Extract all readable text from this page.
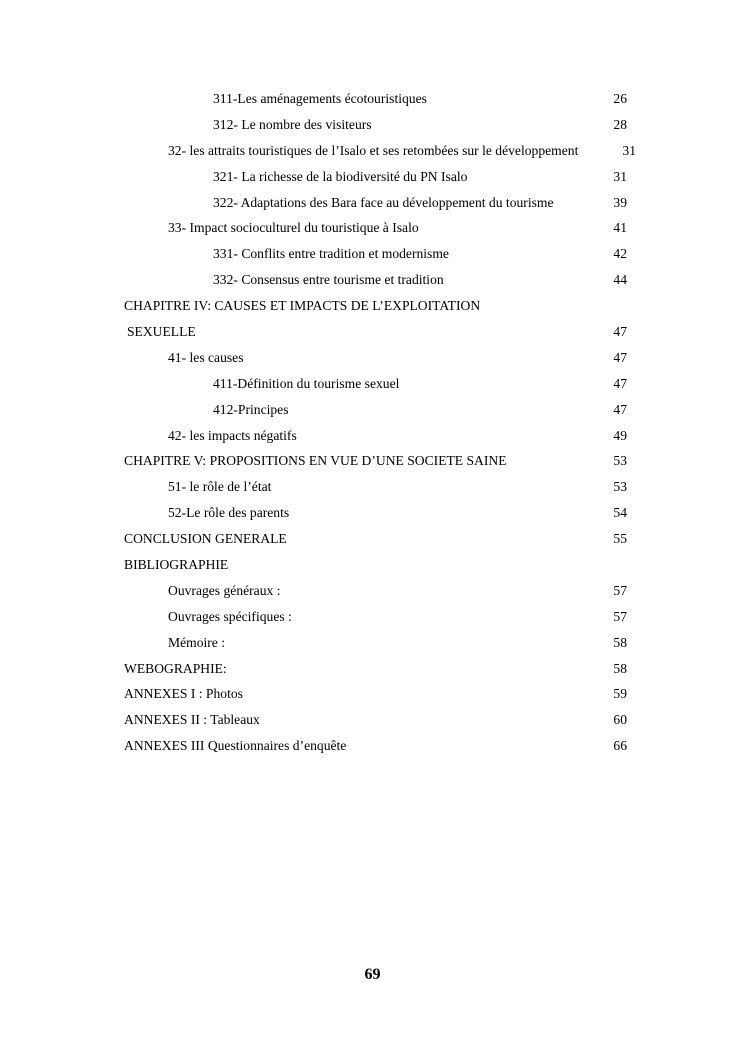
311-Les aménagements écotouristiques	26
312- Le nombre des visiteurs	28
32- les attraits touristiques de l’Isalo et ses retombées sur le développement	31
321- La richesse de la biodiversité du PN Isalo	31
322- Adaptations des Bara face au développement du tourisme	39
33- Impact socioculturel du touristique à Isalo	41
331- Conflits entre tradition et modernisme	42
332- Consensus entre tourisme et tradition	44
CHAPITRE IV: CAUSES ET IMPACTS DE L’EXPLOITATION
SEXUELLE	47
41- les causes	47
411-Définition du tourisme sexuel	47
412-Principes	47
42- les impacts négatifs	49
CHAPITRE V: PROPOSITIONS EN VUE D’UNE SOCIETE SAINE	53
51- le rôle de l’état	53
52-Le rôle des parents	54
CONCLUSION GENERALE	55
BIBLIOGRAPHIE
Ouvrages généraux :	57
Ouvrages spécifiques :	57
Mémoire :	58
WEBOGRAPHIE:	58
ANNEXES I : Photos	59
ANNEXES II : Tableaux	60
ANNEXES III Questionnaires d’enquête	66
69
